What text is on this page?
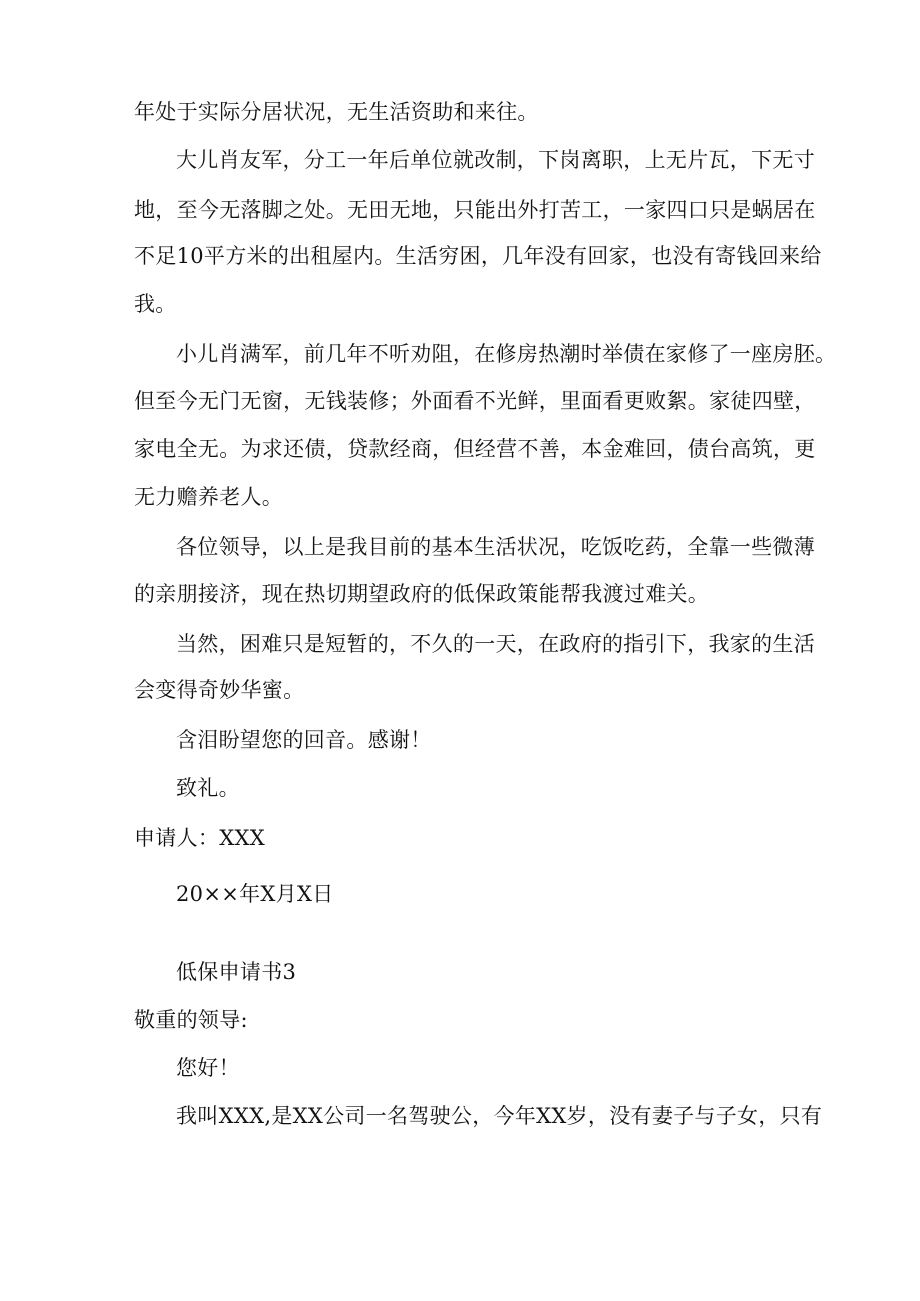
年处于实际分居状况，无生活资助和来往。
大儿肖友军，分工一年后单位就改制，下岗离职，上无片瓦，下无寸
地，至今无落脚之处。无田无地，只能出外打苦工，一家四口只是蜗居在
不足10平方米的出租屋内。生活穷困，几年没有回家，也没有寄钱回来给
我。
小儿肖满军，前几年不听劝阻，在修房热潮时举债在家修了一座房胚。
但至今无门无窗，无钱装修；外面看不光鲜，里面看更败絮。家徒四壁，
家电全无。为求还债，贷款经商，但经营不善，本金难回，债台高筑，更
无力赡养老人。
各位领导，以上是我目前的基本生活状况，吃饭吃药，全靠一些微薄
的亲朋接济，现在热切期望政府的低保政策能帮我渡过难关。
当然，困难只是短暂的，不久的一天，在政府的指引下，我家的生活
会变得奇妙华蜜。
含泪盼望您的回音。感谢！
致礼。
申请人：XXX
20××年X月X日
低保申请书3
敬重的领导:
您好！
我叫XXX,是XX公司一名驾驶公，今年XX岁，没有妻子与子女，只有
